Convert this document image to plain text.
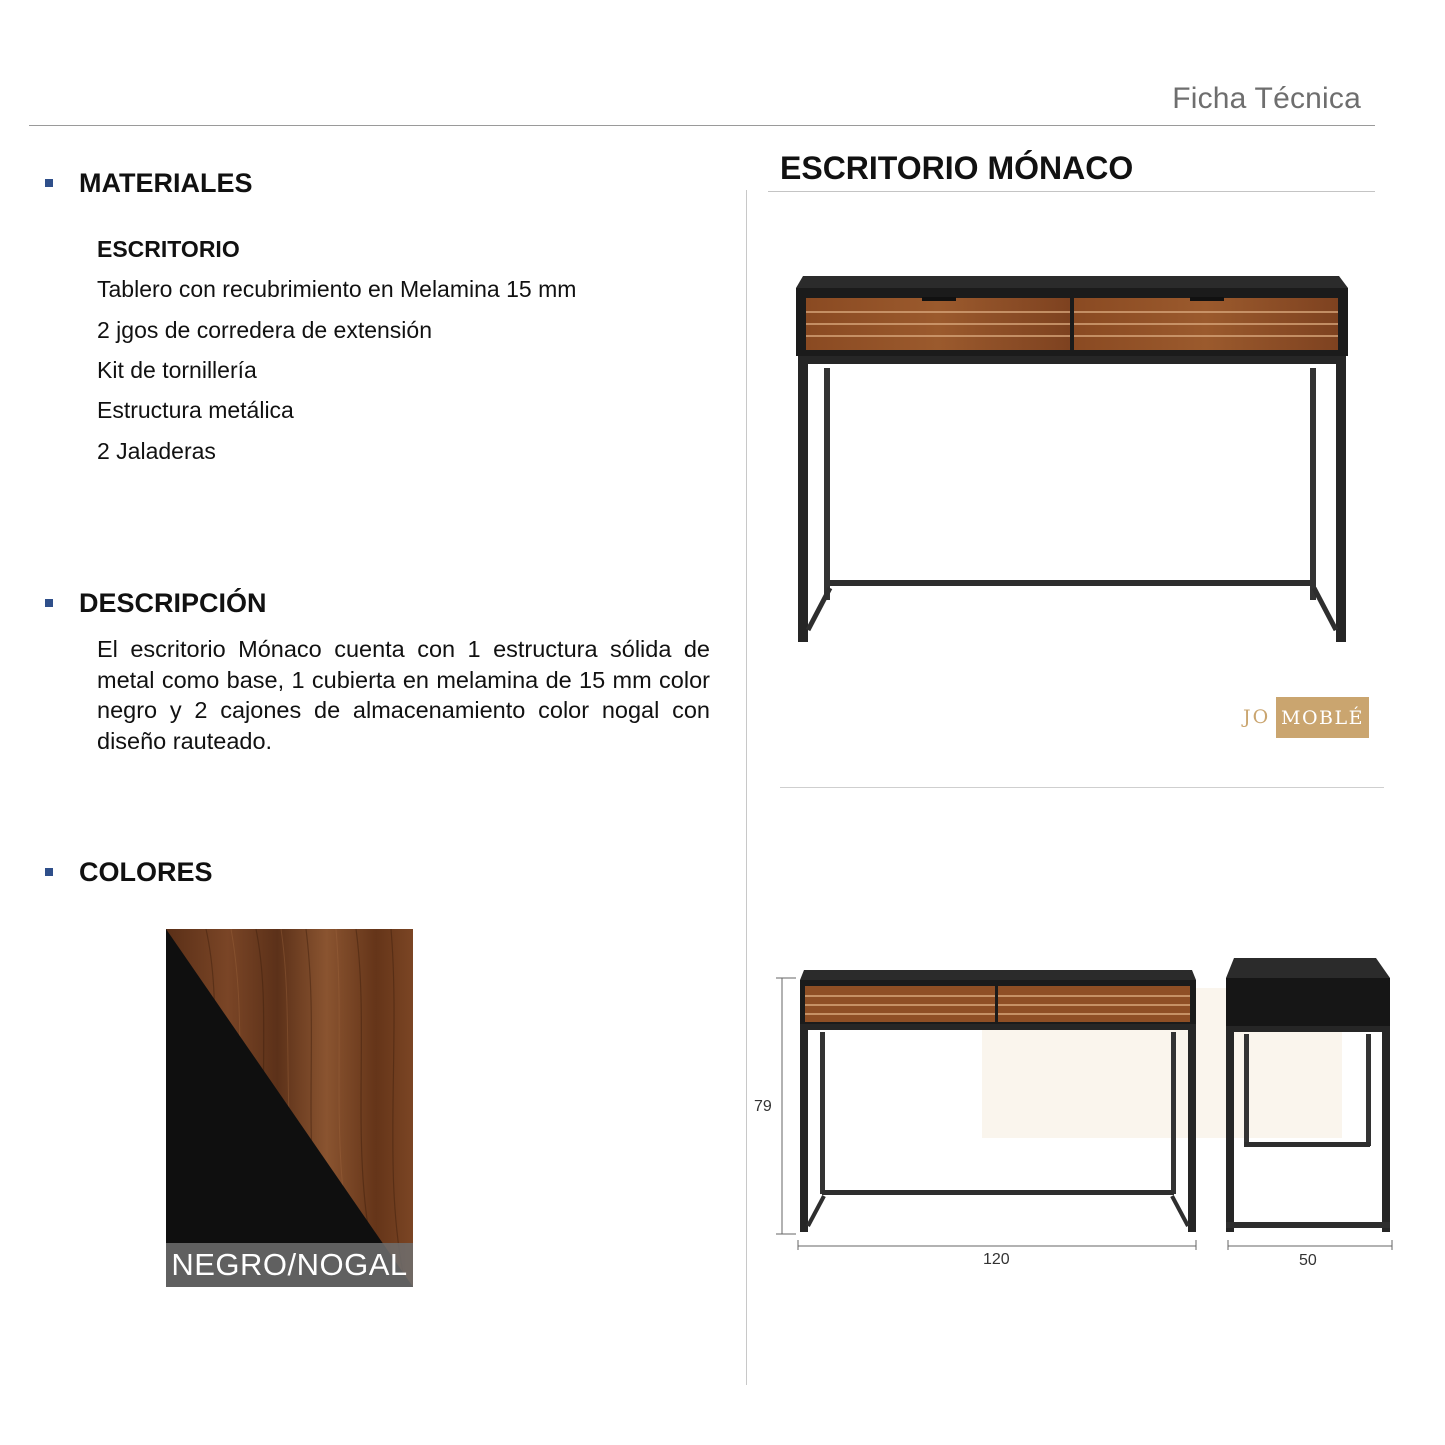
Ficha Técnica
MATERIALES
ESCRITORIO
Tablero con recubrimiento en Melamina 15 mm
2 jgos de corredera de extensión
Kit de tornillería
Estructura metálica
2 Jaladeras
DESCRIPCIÓN
El escritorio Mónaco cuenta con 1 estructura sólida de metal como base, 1 cubierta en melamina de 15 mm color negro y 2 cajones de almacenamiento color nogal con diseño rauteado.
COLORES
NEGRO/NOGAL
ESCRITORIO MÓNACO
JO MOBLÉ
79
120	50
